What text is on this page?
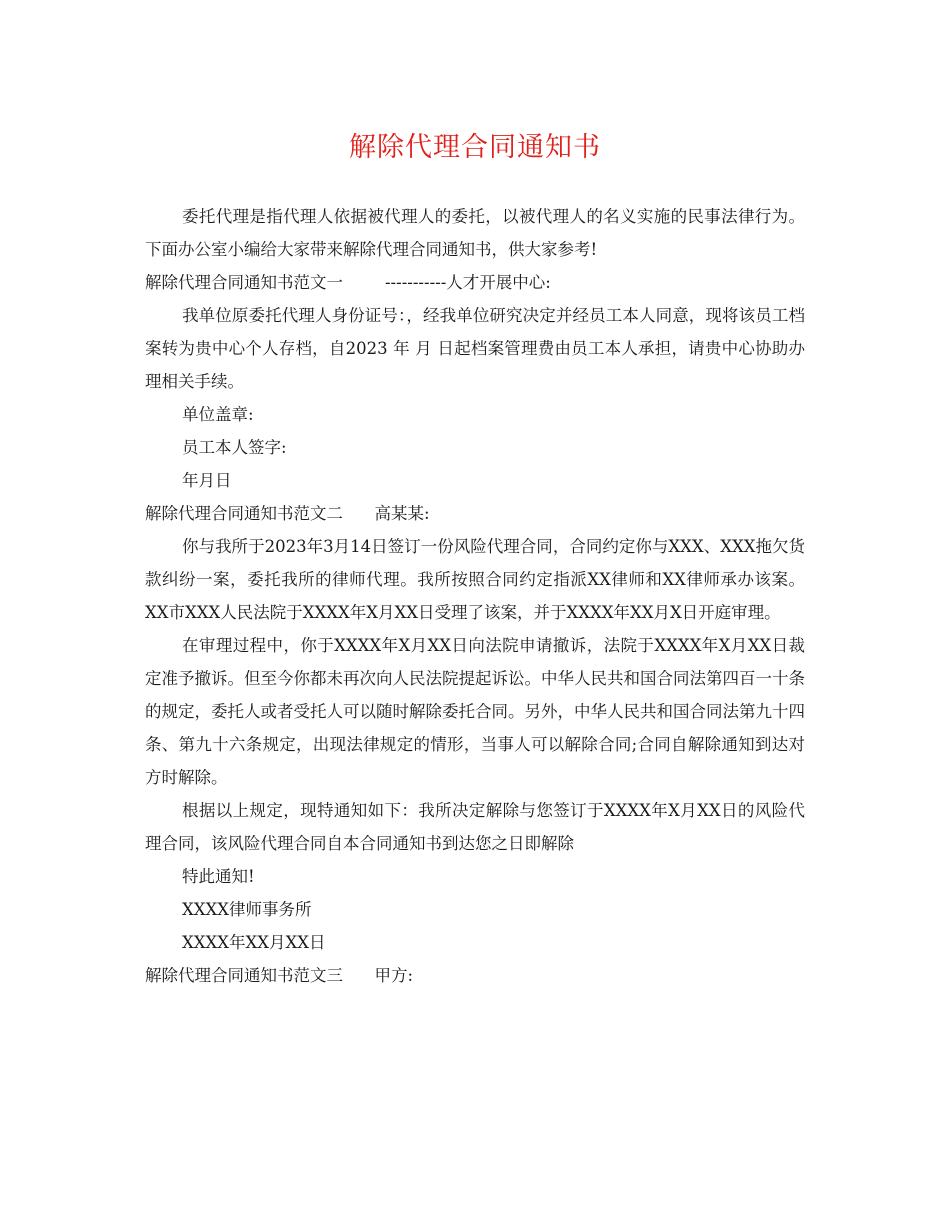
解除代理合同通知书

委托代理是指代理人依据被代理人的委托，以被代理人的名义实施的民事法律行为。下面办公室小编给大家带来解除代理合同通知书，供大家参考!

解除代理合同通知书范文一	-----------人才开展中心:

我单位原委托代理人身份证号：，经我单位研究决定并经员工本人同意，现将该员工档案转为贵中心个人存档，自2023 年 月 日起档案管理费由员工本人承担，请贵中心协助办理相关手续。

单位盖章:

员工本人签字:

年月日

解除代理合同通知书范文二 高某某:

你与我所于2023年3月14日签订一份风险代理合同，合同约定你与XXX、XXX拖欠货款纠纷一案，委托我所的律师代理。我所按照合同约定指派XX律师和XX律师承办该案。XX市XXX人民法院于XXXX年X月XX日受理了该案，并于XXXX年XX月X日开庭审理。

在审理过程中，你于XXXX年X月XX日向法院申请撤诉，法院于XXXX年X月XX日裁定准予撤诉。但至今你都未再次向人民法院提起诉讼。中华人民共和国合同法第四百一十条的规定，委托人或者受托人可以随时解除委托合同。另外，中华人民共和国合同法第九十四条、第九十六条规定，出现法律规定的情形，当事人可以解除合同;合同自解除通知到达对方时解除。

根据以上规定，现特通知如下：我所决定解除与您签订于XXXX年X月XX日的风险代理合同，该风险代理合同自本合同通知书到达您之日即解除

特此通知!

XXXX律师事务所

XXXX年XX月XX日

解除代理合同通知书范文三 甲方:
